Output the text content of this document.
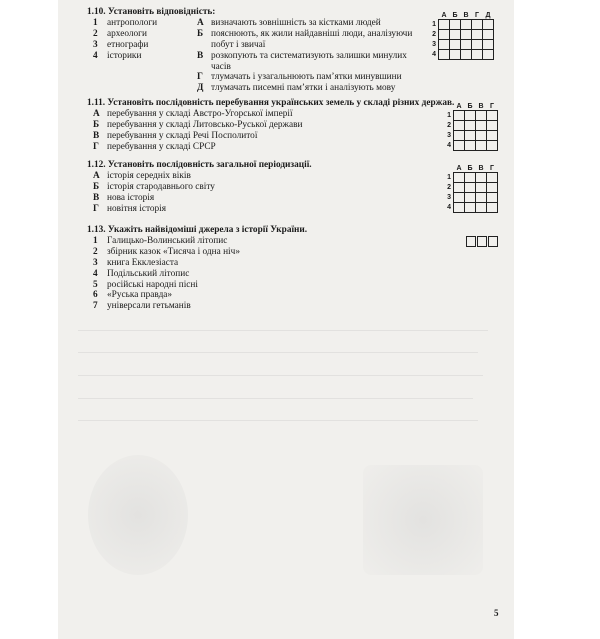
1.10. Установіть відповідність:
1	антропологи
2	археологи
3	етнографи
4	історики
А визначають зовнішність за кістками людей
Б пояснюють, як жили найдавніші люди, аналізуючи побут і звичаї
В розкопують та систематизують залишки минулих часів
Г тлумачать і узагальнюють пам’ятки минувшини
Д тлумачать писемні пам’ятки і аналізують мову
	А	Б	В	Г	Д
1					
2					
3					
4					
1.11. Установіть послідовність перебування українських земель у складі різних держав.
А перебування у складі Австро-Угорської імперії
Б перебування у складі Литовсько-Руської держави
В перебування у складі Речі Посполитої
Г перебування у складі СРСР
	А	Б	В	Г
1				
2				
3				
4				
1.12. Установіть послідовність загальної періодизації.
А історія середніх віків
Б історія стародавнього світу
В нова історія
Г новітня історія
	А	Б	В	Г
1				
2				
3				
4				
1.13. Укажіть найвідоміші джерела з історії України.
1	Галицько-Волинський літопис
2	збірник казок «Тисяча і одна ніч»
3	книга Екклезіаста
4	Подільський літопис
5	російські народні пісні
6	«Руська правда»
7	універсали гетьманів
5
